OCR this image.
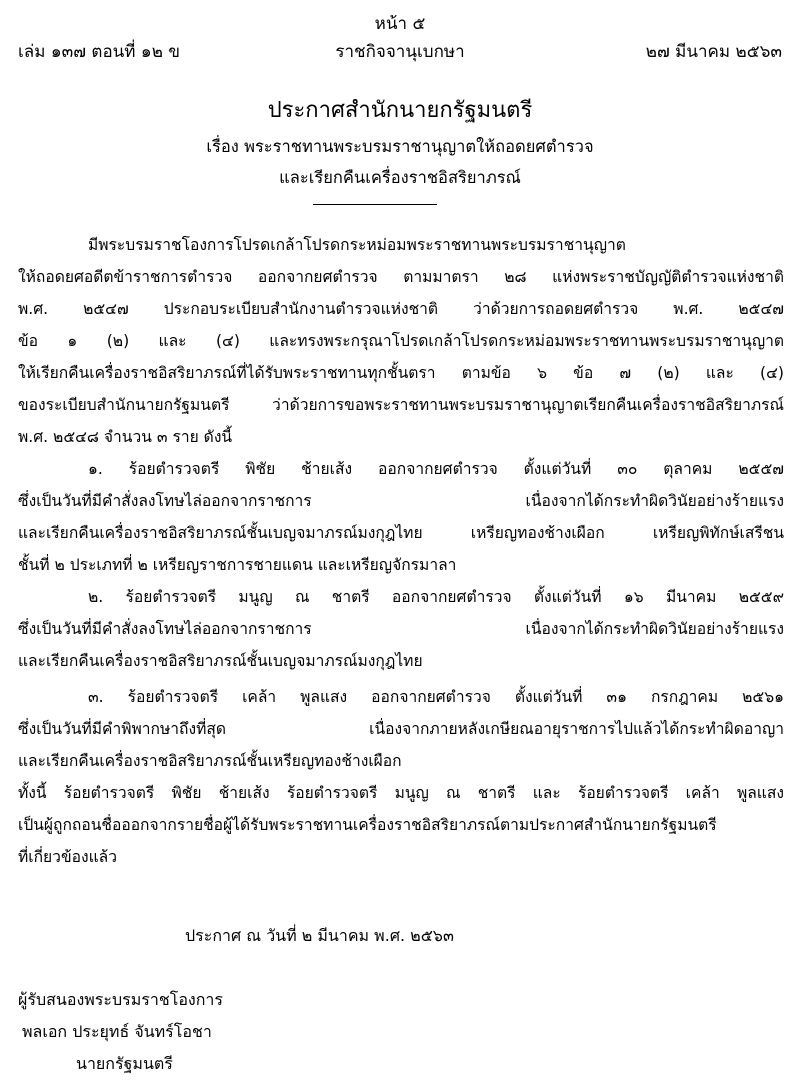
หน้า ๕
เล่ม ๑๓๗ ตอนที่ ๑๒ ข	ราชกิจจานุเบกษา	๒๗ มีนาคม ๒๕๖๓
ประกาศสำนักนายกรัฐมนตรี
เรื่อง พระราชทานพระบรมราชานุญาตให้ถอดยศตำรวจ
และเรียกคืนเครื่องราชอิสริยาภรณ์
มีพระบรมราชโองการโปรดเกล้าโปรดกระหม่อมพระราชทานพระบรมราชานุญาต
ให้ถอดยศอดีตข้าราชการตำรวจ ออกจากยศตำรวจ ตามมาตรา ๒๘ แห่งพระราชบัญญัติตำรวจแห่งชาติ
พ.ศ. ๒๕๔๗ ประกอบระเบียบสำนักงานตำรวจแห่งชาติ ว่าด้วยการถอดยศตำรวจ พ.ศ. ๒๕๔๗
ข้อ ๑ (๒) และ (๔) และทรงพระกรุณาโปรดเกล้าโปรดกระหม่อมพระราชทานพระบรมราชานุญาต
ให้เรียกคืนเครื่องราชอิสริยาภรณ์ที่ได้รับพระราชทานทุกชั้นตรา ตามข้อ ๖ ข้อ ๗ (๒) และ (๔)
ของระเบียบสำนักนายกรัฐมนตรี ว่าด้วยการขอพระราชทานพระบรมราชานุญาตเรียกคืนเครื่องราชอิสริยาภรณ์
พ.ศ. ๒๕๔๘ จำนวน ๓ ราย ดังนี้
๑. ร้อยตำรวจตรี พิชัย ช้ายเส้ง ออกจากยศตำรวจ ตั้งแต่วันที่ ๓๐ ตุลาคม ๒๕๕๗
ซึ่งเป็นวันที่มีคำสั่งลงโทษไล่ออกจากราชการ เนื่องจากได้กระทำผิดวินัยอย่างร้ายแรง
และเรียกคืนเครื่องราชอิสริยาภรณ์ชั้นเบญจมาภรณ์มงกุฎไทย เหรียญทองช้างเผือก เหรียญพิทักษ์เสรีชน
ชั้นที่ ๒ ประเภทที่ ๒ เหรียญราชการชายแดน และเหรียญจักรมาลา
๒. ร้อยตำรวจตรี มนูญ ณ ชาตรี ออกจากยศตำรวจ ตั้งแต่วันที่ ๑๖ มีนาคม ๒๕๕๙
ซึ่งเป็นวันที่มีคำสั่งลงโทษไล่ออกจากราชการ เนื่องจากได้กระทำผิดวินัยอย่างร้ายแรง
และเรียกคืนเครื่องราชอิสริยาภรณ์ชั้นเบญจมาภรณ์มงกุฎไทย
๓. ร้อยตำรวจตรี เคล้า พูลแสง ออกจากยศตำรวจ ตั้งแต่วันที่ ๓๑ กรกฎาคม ๒๕๖๑
ซึ่งเป็นวันที่มีคำพิพากษาถึงที่สุด เนื่องจากภายหลังเกษียณอายุราชการไปแล้วได้กระทำผิดอาญา
และเรียกคืนเครื่องราชอิสริยาภรณ์ชั้นเหรียญทองช้างเผือก
ทั้งนี้ ร้อยตำรวจตรี พิชัย ช้ายเส้ง ร้อยตำรวจตรี มนูญ ณ ชาตรี และ ร้อยตำรวจตรี เคล้า พูลแสง
เป็นผู้ถูกถอนชื่อออกจากรายชื่อผู้ได้รับพระราชทานเครื่องราชอิสริยาภรณ์ตามประกาศสำนักนายกรัฐมนตรี
ที่เกี่ยวข้องแล้ว
ประกาศ ณ วันที่ ๒ มีนาคม พ.ศ. ๒๕๖๓
ผู้รับสนองพระบรมราชโองการ
พลเอก ประยุทธ์ จันทร์โอชา
นายกรัฐมนตรี
